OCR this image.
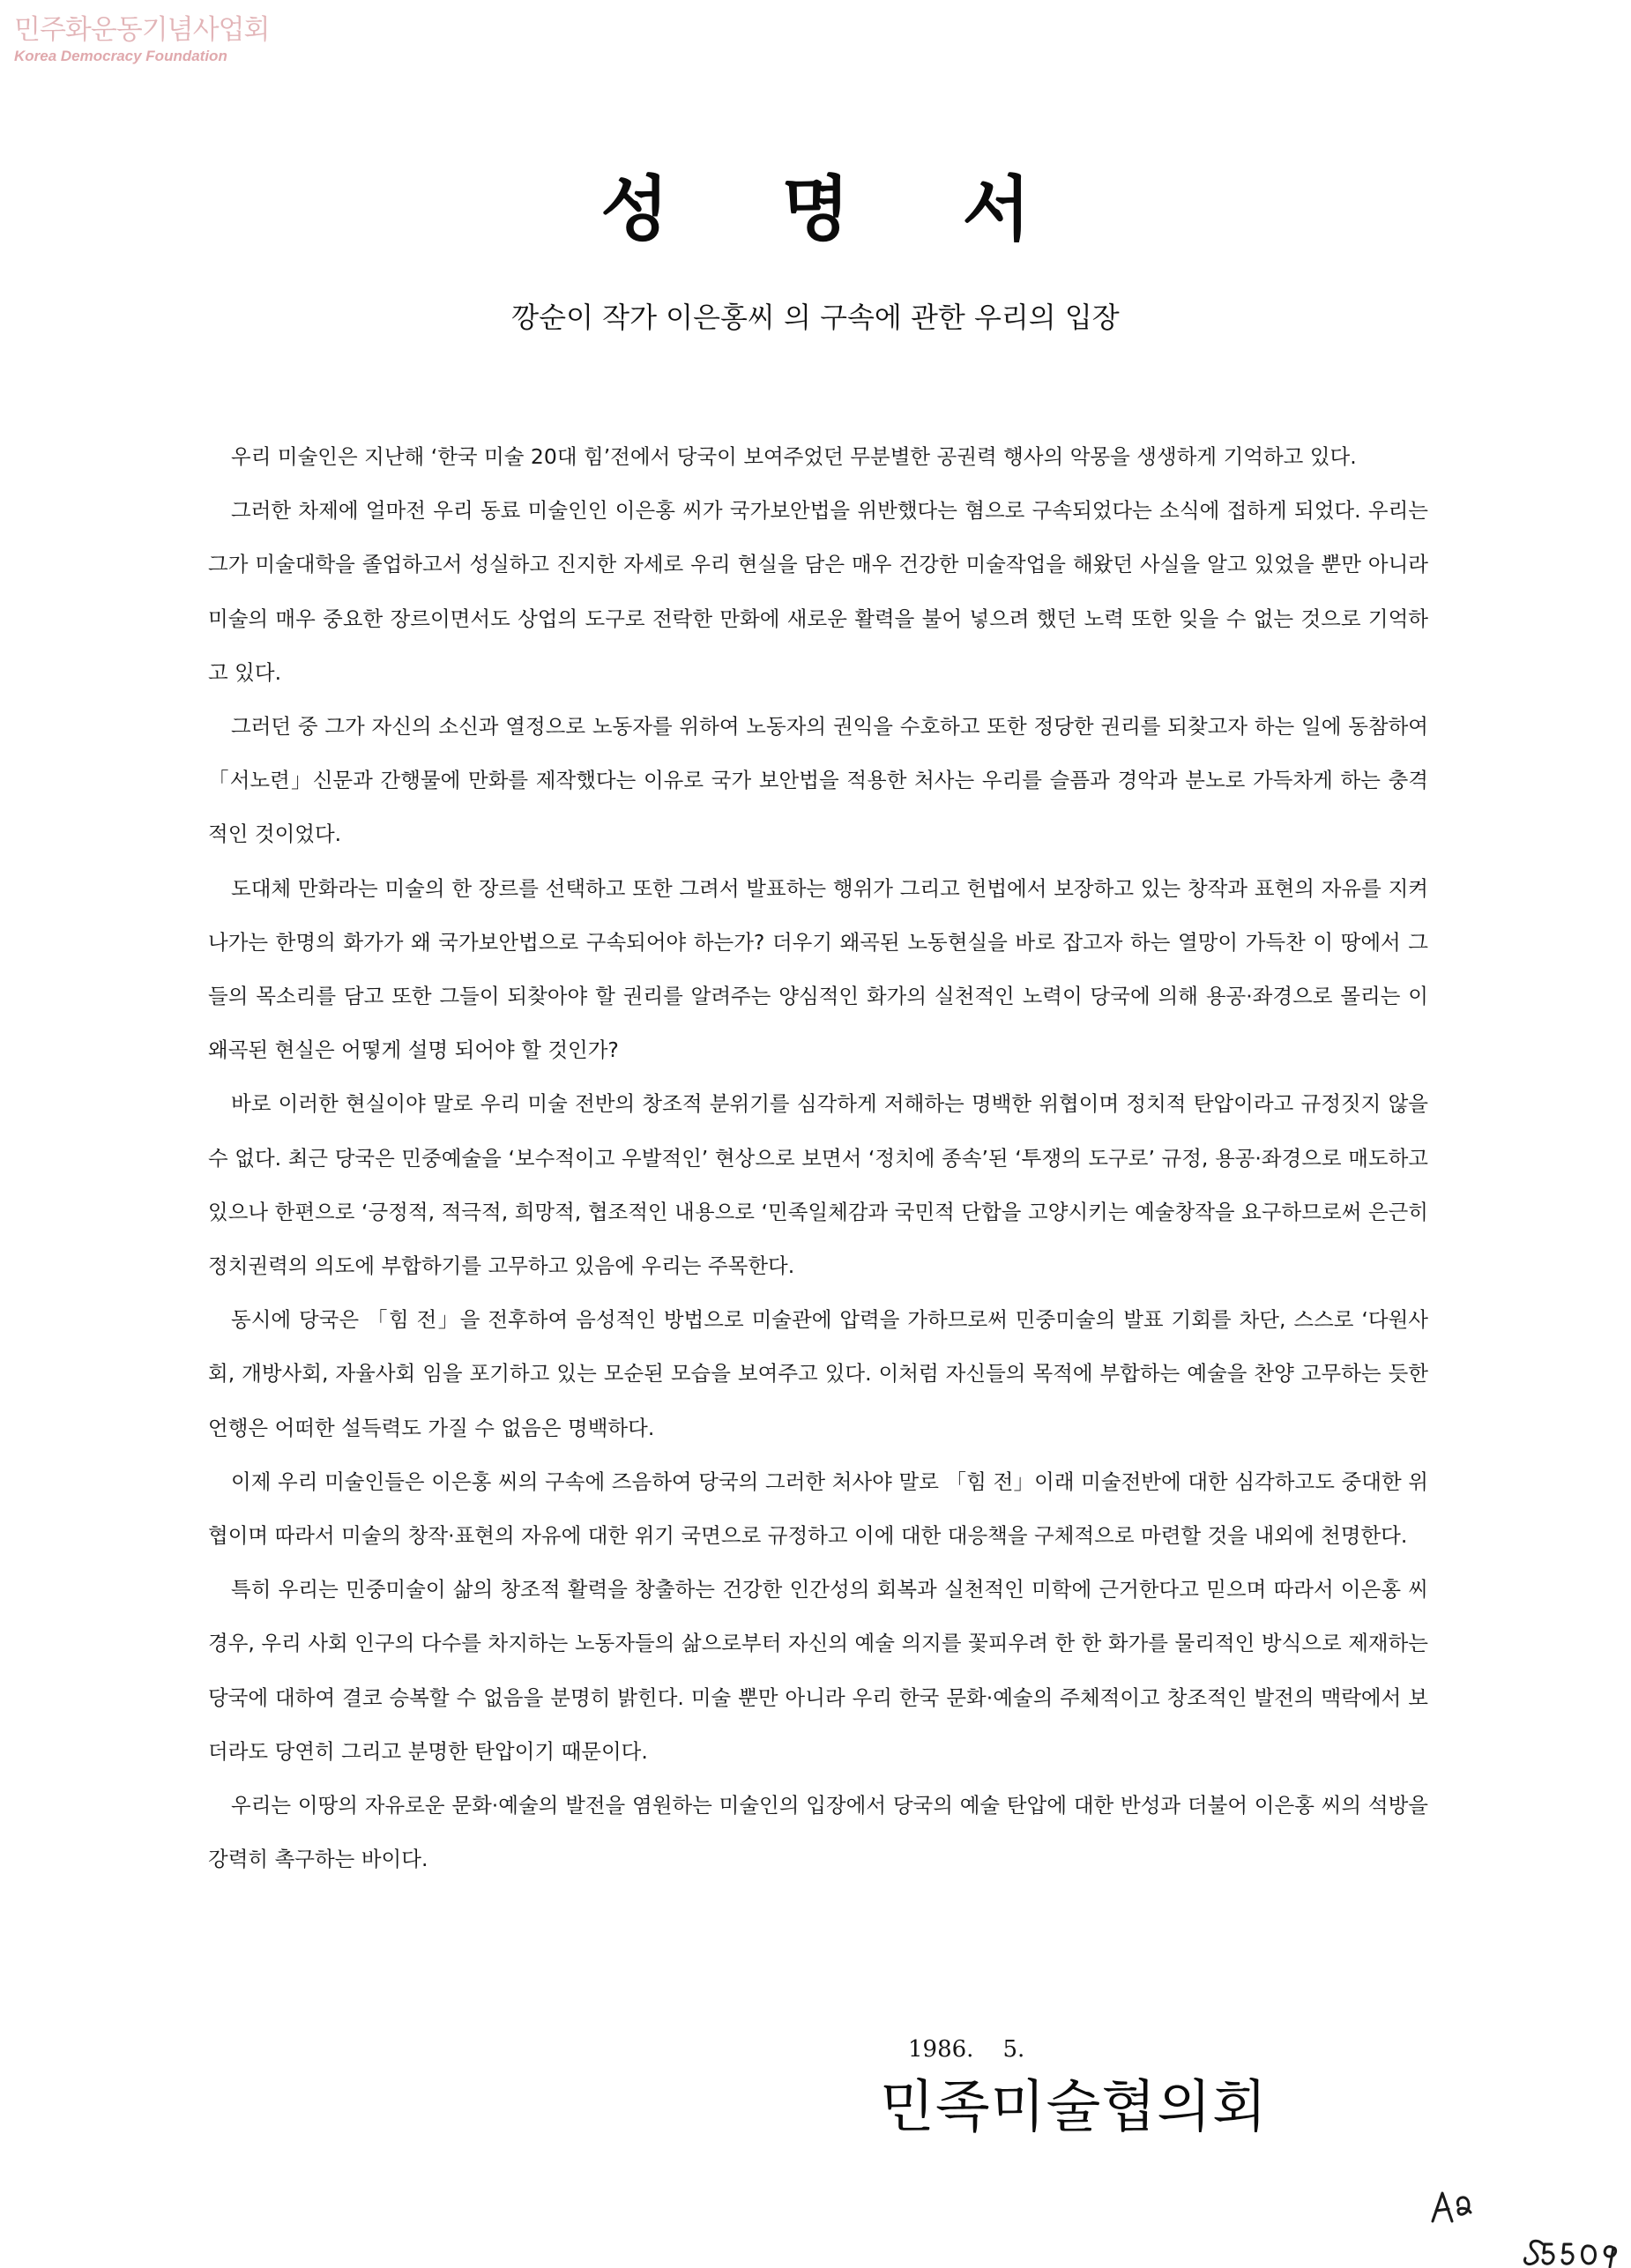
민주화운동기념사업회
Korea Democracy Foundation
성 명 서
깡순이 작가 이은홍씨 의 구속에 관한 우리의 입장

우리 미술인은 지난해 ‘한국 미술 20대 힘’전에서 당국이 보여주었던 무분별한 공권력 행사의 악몽을 생생하게 기억하고 있다.

그러한 차제에 얼마전 우리 동료 미술인인 이은홍 씨가 국가보안법을 위반했다는 혐으로 구속되었다는 소식에 접하게 되었다. 우리는 그가 미술대학을 졸업하고서 성실하고 진지한 자세로 우리 현실을 담은 매우 건강한 미술작업을 해왔던 사실을 알고 있었을 뿐만 아니라 미술의 매우 중요한 장르이면서도 상업의 도구로 전락한 만화에 새로운 활력을 불어 넣으려 했던 노력 또한 잊을 수 없는 것으로 기억하고 있다.

그러던 중 그가 자신의 소신과 열정으로 노동자를 위하여 노동자의 권익을 수호하고 또한 정당한 권리를 되찾고자 하는 일에 동참하여 「서노련」신문과 간행물에 만화를 제작했다는 이유로 국가 보안법을 적용한 처사는 우리를 슬픔과 경악과 분노로 가득차게 하는 충격적인 것이었다.

도대체 만화라는 미술의 한 장르를 선택하고 또한 그려서 발표하는 행위가 그리고 헌법에서 보장하고 있는 창작과 표현의 자유를 지켜나가는 한명의 화가가 왜 국가보안법으로 구속되어야 하는가? 더우기 왜곡된 노동현실을 바로 잡고자 하는 열망이 가득찬 이 땅에서 그들의 목소리를 담고 또한 그들이 되찾아야 할 권리를 알려주는 양심적인 화가의 실천적인 노력이 당국에 의해 용공·좌경으로 몰리는 이 왜곡된 현실은 어떻게 설명 되어야 할 것인가?

바로 이러한 현실이야 말로 우리 미술 전반의 창조적 분위기를 심각하게 저해하는 명백한 위협이며 정치적 탄압이라고 규정짓지 않을 수 없다. 최근 당국은 민중예술을 ‘보수적이고 우발적인’ 현상으로 보면서 ‘정치에 종속’된 ‘투쟁의 도구로’ 규정, 용공·좌경으로 매도하고 있으나 한편으로 ‘긍정적, 적극적, 희망적, 협조적인 내용으로 ‘민족일체감과 국민적 단합을 고양시키는 예술창작을 요구하므로써 은근히 정치권력의 의도에 부합하기를 고무하고 있음에 우리는 주목한다.

동시에 당국은 「힘 전」을 전후하여 음성적인 방법으로 미술관에 압력을 가하므로써 민중미술의 발표 기회를 차단, 스스로 ‘다원사회, 개방사회, 자율사회 임을 포기하고 있는 모순된 모습을 보여주고 있다. 이처럼 자신들의 목적에 부합하는 예술을 찬양 고무하는 듯한 언행은 어떠한 설득력도 가질 수 없음은 명백하다.

이제 우리 미술인들은 이은홍 씨의 구속에 즈음하여 당국의 그러한 처사야 말로 「힘 전」이래 미술전반에 대한 심각하고도 중대한 위협이며 따라서 미술의 창작·표현의 자유에 대한 위기 국면으로 규정하고 이에 대한 대응책을 구체적으로 마련할 것을 내외에 천명한다.

특히 우리는 민중미술이 삶의 창조적 활력을 창출하는 건강한 인간성의 회복과 실천적인 미학에 근거한다고 믿으며 따라서 이은홍 씨 경우, 우리 사회 인구의 다수를 차지하는 노동자들의 삶으로부터 자신의 예술 의지를 꽃피우려 한 한 화가를 물리적인 방식으로 제재하는 당국에 대하여 결코 승복할 수 없음을 분명히 밝힌다. 미술 뿐만 아니라 우리 한국 문화·예술의 주체적이고 창조적인 발전의 맥락에서 보더라도 당연히 그리고 분명한 탄압이기 때문이다.

우리는 이땅의 자유로운 문화·예술의 발전을 염원하는 미술인의 입장에서 당국의 예술 탄압에 대한 반성과 더불어 이은홍 씨의 석방을 강력히 촉구하는 바이다.

1986.    5.
민족미술협의회
